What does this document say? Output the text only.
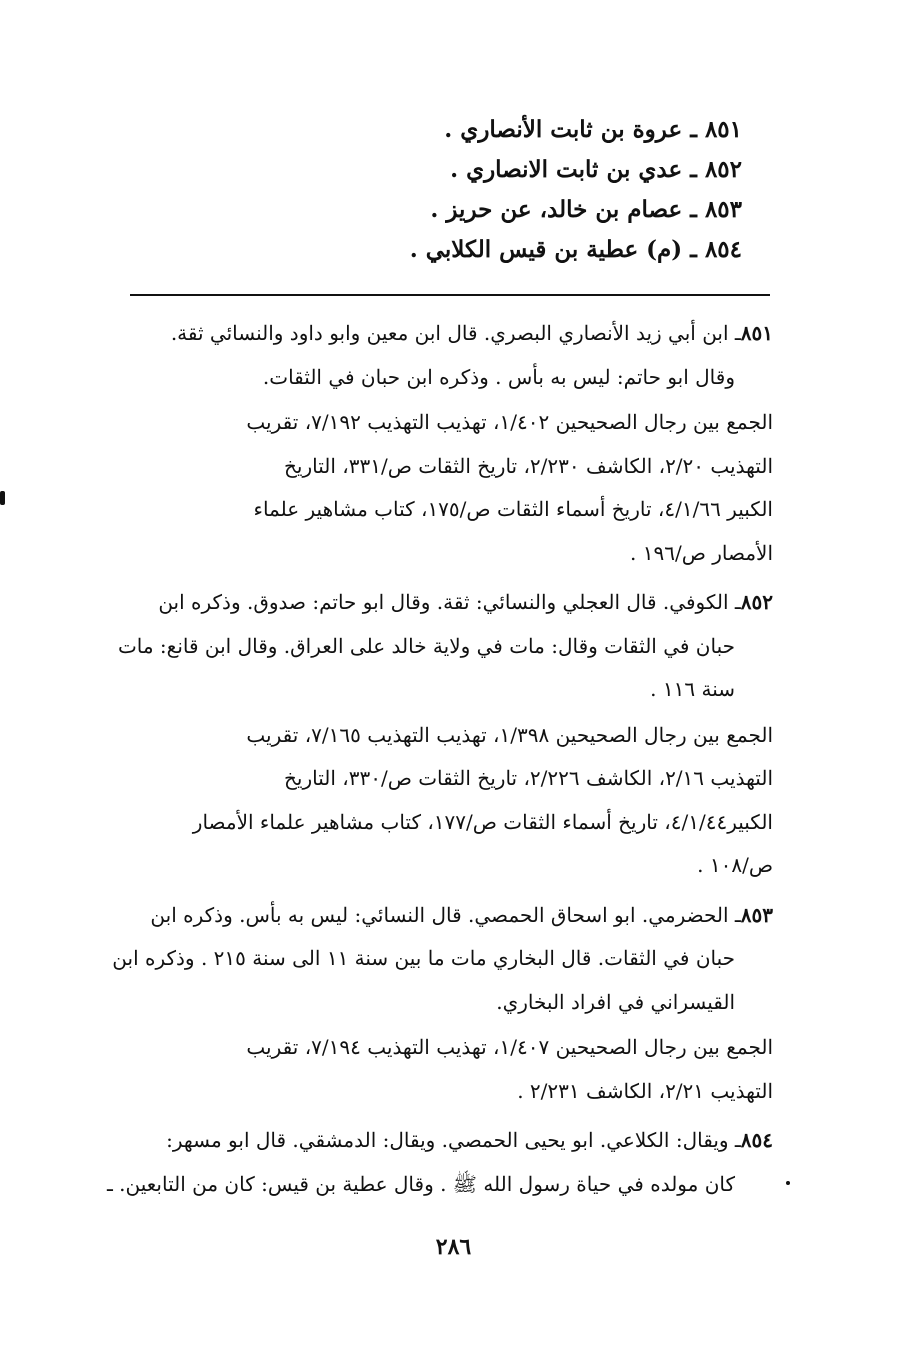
٨٥١ ـ عروة بن ثابت الأنصاري .
٨٥٢ ـ عدي بن ثابت الانصاري .
٨٥٣ ـ عصام بن خالد، عن حريز .
٨٥٤ ـ (م) عطية بن قيس الكلابي .
٨٥١ـ ابن أبي زيد الأنصاري البصري. قال ابن معين وابو داود والنسائي ثقة.
وقال ابو حاتم: ليس به بأس . وذكره ابن حبان في الثقات.
الجمع بين رجال الصحيحين ١/٤٠٢، تهذيب التهذيب ٧/١٩٢، تقريب
التهذيب ٢/٢٠، الكاشف ٢/٢٣٠، تاريخ الثقات ص/٣٣١، التاريخ
الكبير ٤/١/٦٦، تاريخ أسماء الثقات ص/١٧٥، كتاب مشاهير علماء
الأمصار ص/١٩٦ .
٨٥٢ـ الكوفي. قال العجلي والنسائي: ثقة. وقال ابو حاتم: صدوق. وذكره ابن
حبان في الثقات وقال: مات في ولاية خالد على العراق. وقال ابن قانع: مات
سنة ١١٦ .
الجمع بين رجال الصحيحين ١/٣٩٨، تهذيب التهذيب ٧/١٦٥، تقريب
التهذيب ٢/١٦، الكاشف ٢/٢٢٦، تاريخ الثقات ص/٣٣٠، التاريخ
الكبير٤/١/٤٤، تاريخ أسماء الثقات ص/١٧٧، كتاب مشاهير علماء الأمصار
ص/١٠٨ .
٨٥٣ـ الحضرمي. ابو اسحاق الحمصي. قال النسائي: ليس به بأس. وذكره ابن
حبان في الثقات. قال البخاري مات ما بين سنة ١١ الى سنة ٢١٥ . وذكره ابن
القيسراني في افراد البخاري.
الجمع بين رجال الصحيحين ١/٤٠٧، تهذيب التهذيب ٧/١٩٤، تقريب
التهذيب ٢/٢١، الكاشف ٢/٢٣١ .
٨٥٤ـ ويقال: الكلاعي. ابو يحيى الحمصي. ويقال: الدمشقي. قال ابو مسهر:
كان مولده في حياة رسول الله ﷺ . وقال عطية بن قيس: كان من التابعين. ـ
٢٨٦
